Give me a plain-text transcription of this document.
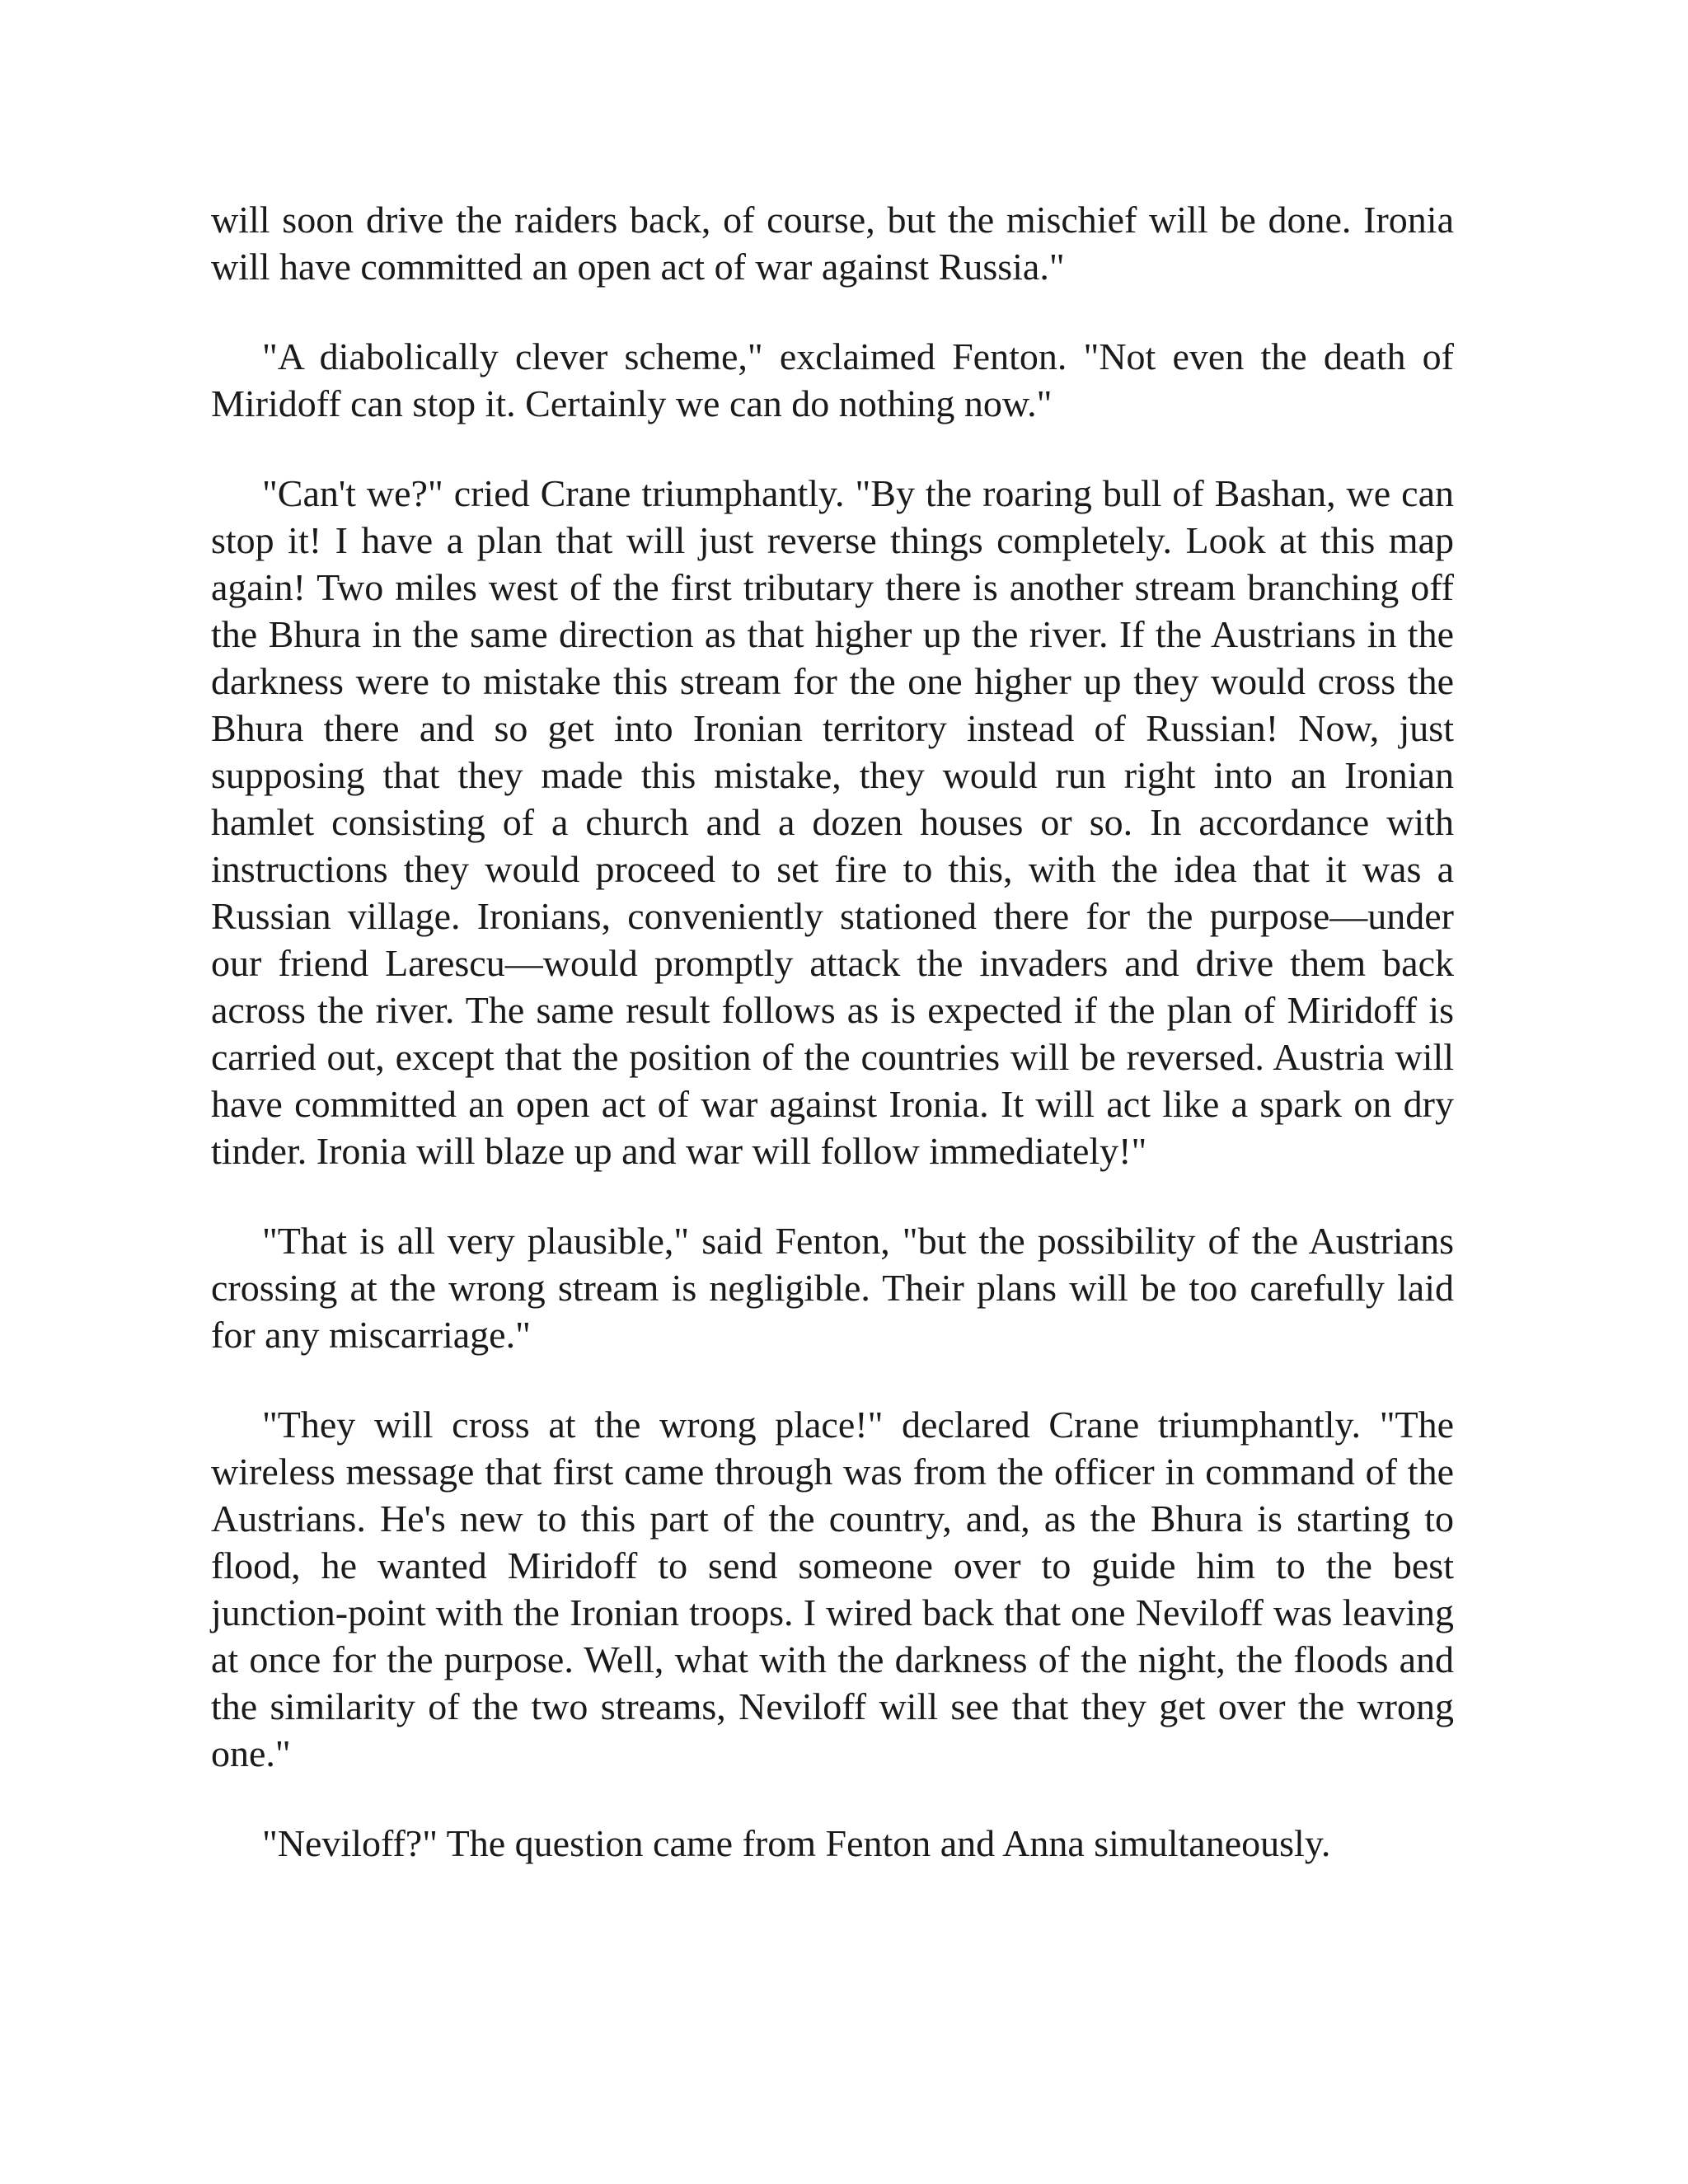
will soon drive the raiders back, of course, but the mischief will be done. Ironia will have committed an open act of war against Russia."

"A diabolically clever scheme," exclaimed Fenton. "Not even the death of Miridoff can stop it. Certainly we can do nothing now."

"Can't we?" cried Crane triumphantly. "By the roaring bull of Bashan, we can stop it! I have a plan that will just reverse things completely. Look at this map again! Two miles west of the first tributary there is another stream branching off the Bhura in the same direction as that higher up the river. If the Austrians in the darkness were to mistake this stream for the one higher up they would cross the Bhura there and so get into Ironian territory instead of Russian! Now, just supposing that they made this mistake, they would run right into an Ironian hamlet consisting of a church and a dozen houses or so. In accordance with instructions they would proceed to set fire to this, with the idea that it was a Russian village. Ironians, conveniently stationed there for the purpose—under our friend Larescu—would promptly attack the invaders and drive them back across the river. The same result follows as is expected if the plan of Miridoff is carried out, except that the position of the countries will be reversed. Austria will have committed an open act of war against Ironia. It will act like a spark on dry tinder. Ironia will blaze up and war will follow immediately!"

"That is all very plausible," said Fenton, "but the possibility of the Austrians crossing at the wrong stream is negligible. Their plans will be too carefully laid for any miscarriage."

"They will cross at the wrong place!" declared Crane triumphantly. "The wireless message that first came through was from the officer in command of the Austrians. He's new to this part of the country, and, as the Bhura is starting to flood, he wanted Miridoff to send someone over to guide him to the best junction-point with the Ironian troops. I wired back that one Neviloff was leaving at once for the purpose. Well, what with the darkness of the night, the floods and the similarity of the two streams, Neviloff will see that they get over the wrong one."

"Neviloff?" The question came from Fenton and Anna simultaneously.
